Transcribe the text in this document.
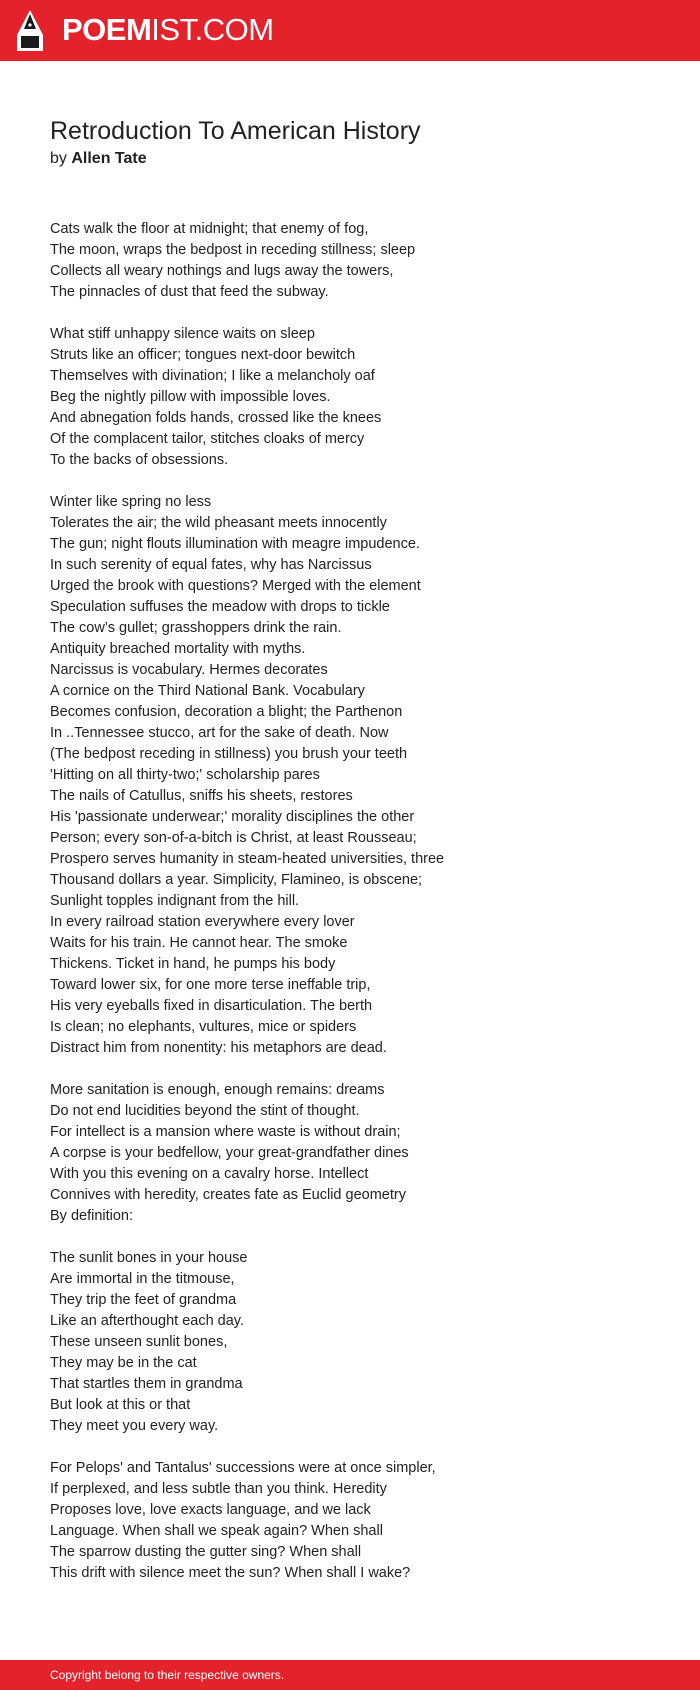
POEMIST.COM
Retroduction To American History
by Allen Tate
Cats walk the floor at midnight; that enemy of fog,
The moon, wraps the bedpost in receding stillness; sleep
Collects all weary nothings and lugs away the towers,
The pinnacles of dust that feed the subway.
What stiff unhappy silence waits on sleep
Struts like an officer; tongues next-door bewitch
Themselves with divination; I like a melancholy oaf
Beg the nightly pillow with impossible loves.
And abnegation folds hands, crossed like the knees
Of the complacent tailor, stitches cloaks of mercy
To the backs of obsessions.
Winter like spring no less
Tolerates the air; the wild pheasant meets innocently
The gun; night flouts illumination with meagre impudence.
In such serenity of equal fates, why has Narcissus
Urged the brook with questions? Merged with the element
Speculation suffuses the meadow with drops to tickle
The cow’s gullet; grasshoppers drink the rain.
Antiquity breached mortality with myths.
Narcissus is vocabulary. Hermes decorates
A cornice on the Third National Bank. Vocabulary
Becomes confusion, decoration a blight; the Parthenon
In ..Tennessee stucco, art for the sake of death. Now
(The bedpost receding in stillness) you brush your teeth
'Hitting on all thirty-two;' scholarship pares
The nails of Catullus, sniffs his sheets, restores
His 'passionate underwear;' morality disciplines the other
Person; every son-of-a-bitch is Christ, at least Rousseau;
Prospero serves humanity in steam-heated universities, three
Thousand dollars a year. Simplicity, Flamineo, is obscene;
Sunlight topples indignant from the hill.
In every railroad station everywhere every lover
Waits for his train. He cannot hear. The smoke
Thickens. Ticket in hand, he pumps his body
Toward lower six, for one more terse ineffable trip,
His very eyeballs fixed in disarticulation. The berth
Is clean; no elephants, vultures, mice or spiders
Distract him from nonentity: his metaphors are dead.
More sanitation is enough, enough remains: dreams
Do not end lucidities beyond the stint of thought.
For intellect is a mansion where waste is without drain;
A corpse is your bedfellow, your great-grandfather dines
With you this evening on a cavalry horse. Intellect
Connives with heredity, creates fate as Euclid geometry
By definition:
The sunlit bones in your house
Are immortal in the titmouse,
They trip the feet of grandma
Like an afterthought each day.
These unseen sunlit bones,
They may be in the cat
That startles them in grandma
But look at this or that
They meet you every way.
For Pelops' and Tantalus' successions were at once simpler,
If perplexed, and less subtle than you think. Heredity
Proposes love, love exacts language, and we lack
Language. When shall we speak again? When shall
The sparrow dusting the gutter sing? When shall
This drift with silence meet the sun? When shall I wake?
Copyright belong to their respective owners.
